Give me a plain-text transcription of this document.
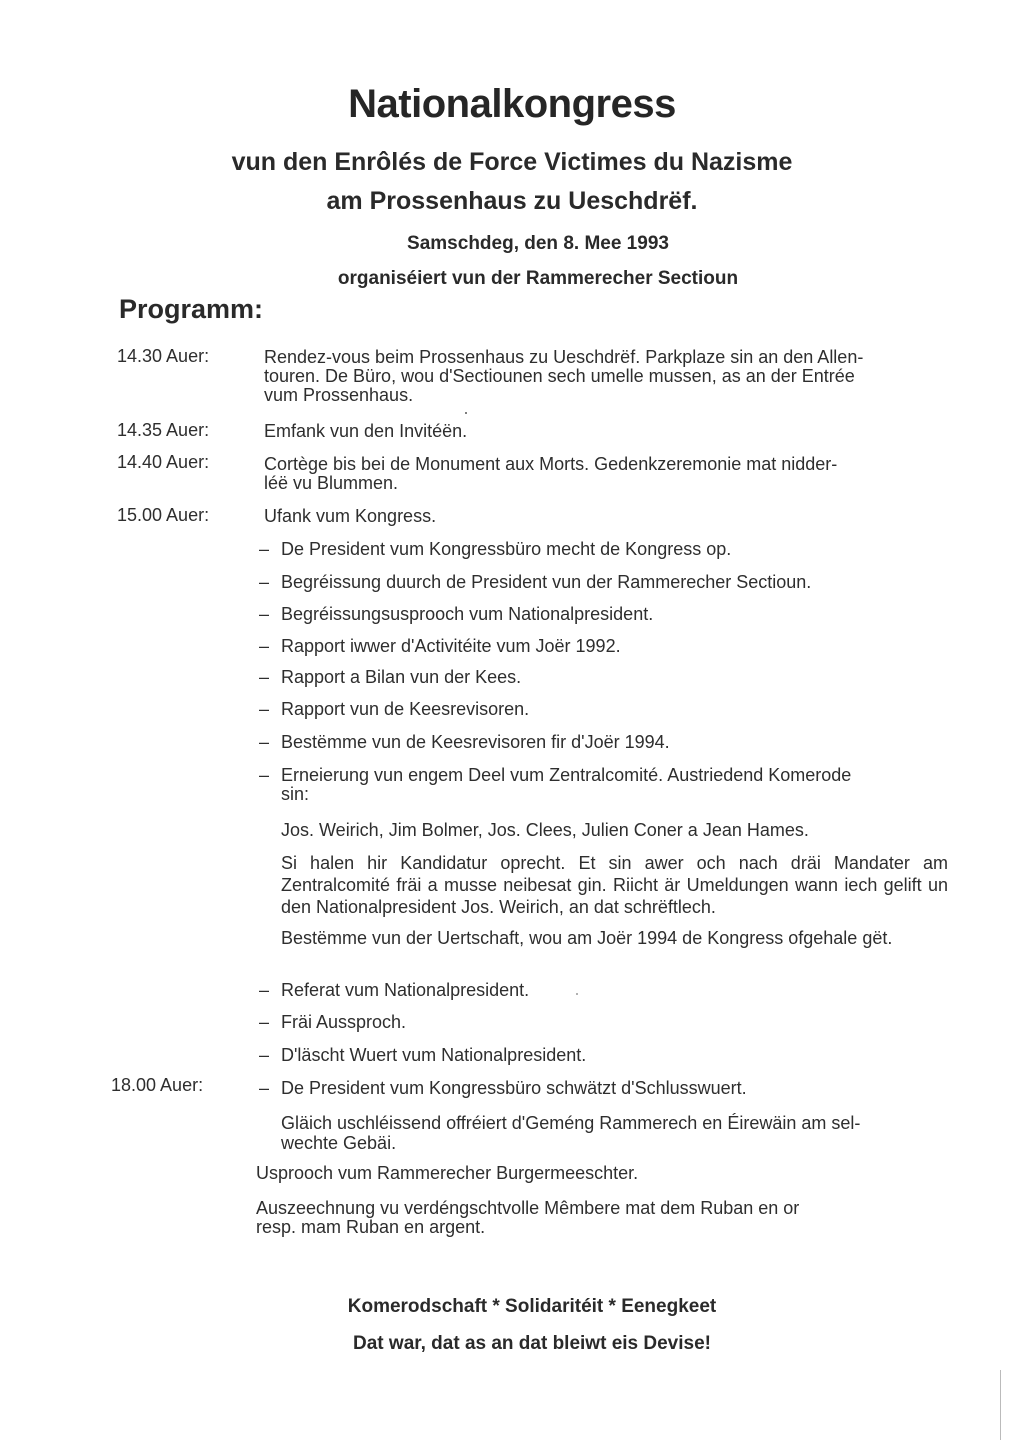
Nationalkongress
vun den Enrôlés de Force Victimes du Nazisme
am Prossenhaus zu Ueschdrëf.
Samschdeg, den 8. Mee 1993
organiséiert vun der Rammerecher Sectioun
Programm:
14.30 Auer:	Rendez-vous beim Prossenhaus zu Ueschdrëf. Parkplaze sin an den Allen-
touren. De Büro, wou d'Sectiounen sech umelle mussen, as an der Entrée
vum Prossenhaus.
14.35 Auer:	Emfank vun den Invitéën.
14.40 Auer:	Cortège bis bei de Monument aux Morts. Gedenkzeremonie mat nidder-
léë vu Blummen.
15.00 Auer:	Ufank vum Kongress.
– De President vum Kongressbüro mecht de Kongress op.
– Begréissung duurch de President vun der Rammerecher Sectioun.
– Begréissungsusprooch vum Nationalpresident.
– Rapport iwwer d'Activitéite vum Joër 1992.
– Rapport a Bilan vun der Kees.
– Rapport vun de Keesrevisoren.
– Bestëmme vun de Keesrevisoren fir d'Joër 1994.
– Erneierung vun engem Deel vum Zentralcomité. Austriedend Komerode
sin:
Jos. Weirich, Jim Bolmer, Jos. Clees, Julien Coner a Jean Hames.
Si halen hir Kandidatur oprecht. Et sin awer och nach dräi Mandater am Zentralcomité fräi a musse neibesat gin. Riicht är Umeldungen wann iech gelift un den Nationalpresident Jos. Weirich, an dat schrëftlech.
Bestëmme vun der Uertschaft, wou am Joër 1994 de Kongress ofgehale gët.
– Referat vum Nationalpresident.
– Fräi Aussproch.
– D'läscht Wuert vum Nationalpresident.
18.00 Auer:	– De President vum Kongressbüro schwätzt d'Schlusswuert.
Gläich uschléissend offréiert d'Geméng Rammerech en Éirewäin am sel-
wechte Gebäi.
Usprooch vum Rammerecher Burgermeeschter.
Auszeechnung vu verdéngschtvolle Mêmbere mat dem Ruban en or
resp. mam Ruban en argent.
Komerodschaft * Solidaritéit * Eenegkeet
Dat war, dat as an dat bleiwt eis Devise!
